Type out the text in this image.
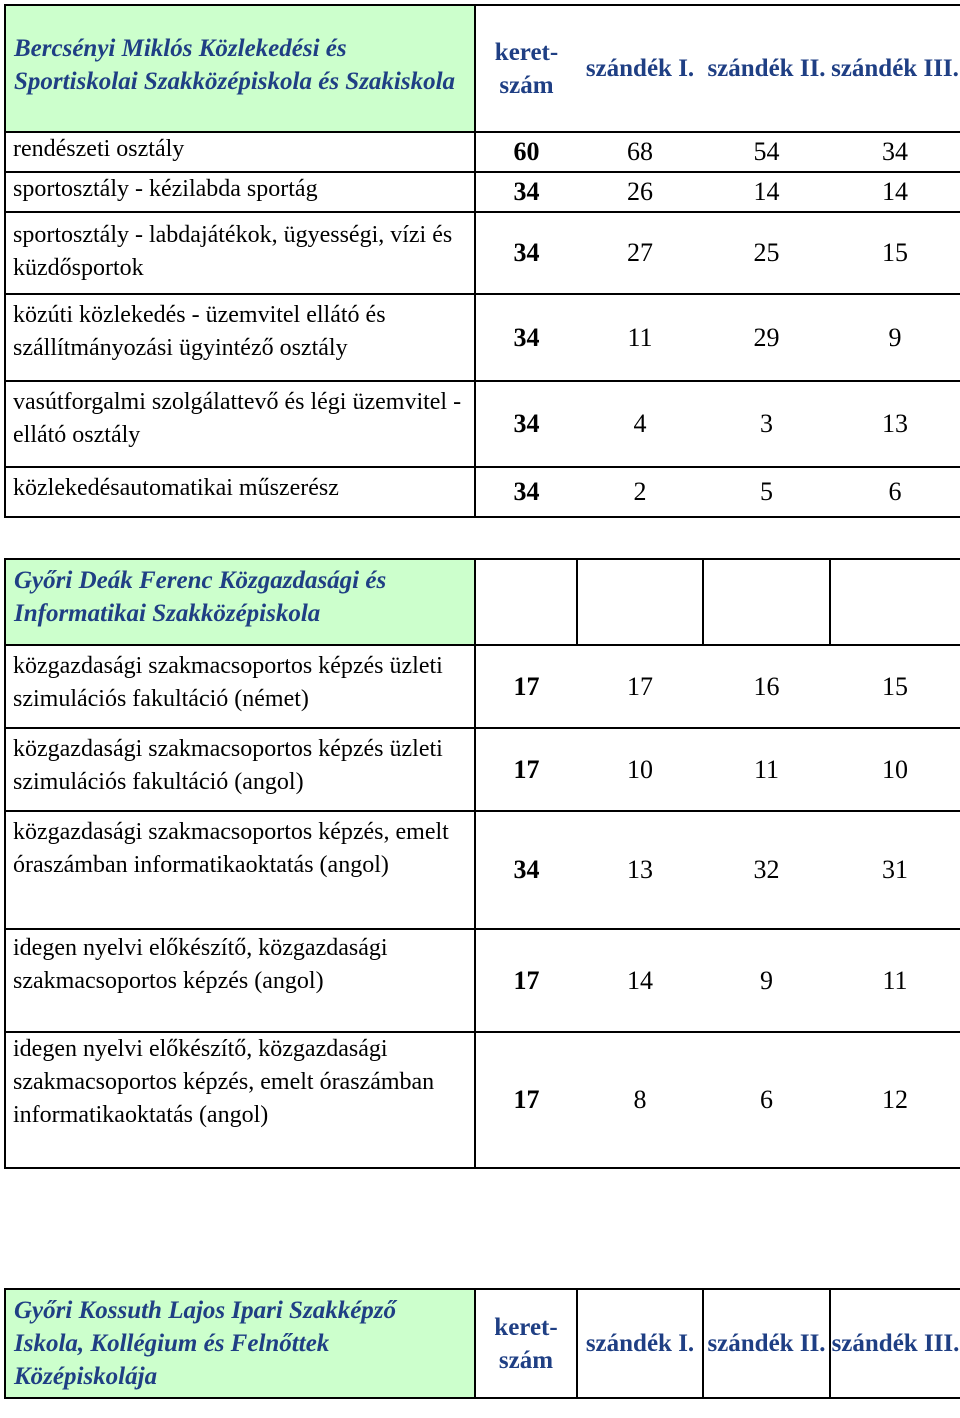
Bercsényi Miklós Közlekedési és Sportiskolai Szakközépiskola és Szakiskola	keret-szám	szándék I.	szándék II.	szándék III.
rendészeti osztály	60	68	54	34
sportosztály - kézilabda sportág	34	26	14	14
sportosztály - labdajátékok, ügyességi, vízi és küzdősportok	34	27	25	15
közúti közlekedés - üzemvitel ellátó és szállítmányozási ügyintéző osztály	34	11	29	9
vasútforgalmi szolgálattevő és légi üzemvitel - ellátó osztály	34	4	3	13
közlekedésautomatikai műszerész	34	2	5	6
Győri Deák Ferenc Közgazdasági és Informatikai Szakközépiskola				
közgazdasági szakmacsoportos képzés üzleti szimulációs fakultáció (német)	17	17	16	15
közgazdasági szakmacsoportos képzés üzleti szimulációs fakultáció (angol)	17	10	11	10
közgazdasági szakmacsoportos képzés, emelt óraszámban informatikaoktatás (angol)	34	13	32	31
idegen nyelvi előkészítő, közgazdasági szakmacsoportos képzés (angol)	17	14	9	11
idegen nyelvi előkészítő, közgazdasági szakmacsoportos képzés, emelt óraszámban informatikaoktatás (angol)	17	8	6	12
Győri Kossuth Lajos Ipari Szakképző Iskola, Kollégium és Felnőttek Középiskolája	keret-szám	szándék I.	szándék II.	szándék III.
